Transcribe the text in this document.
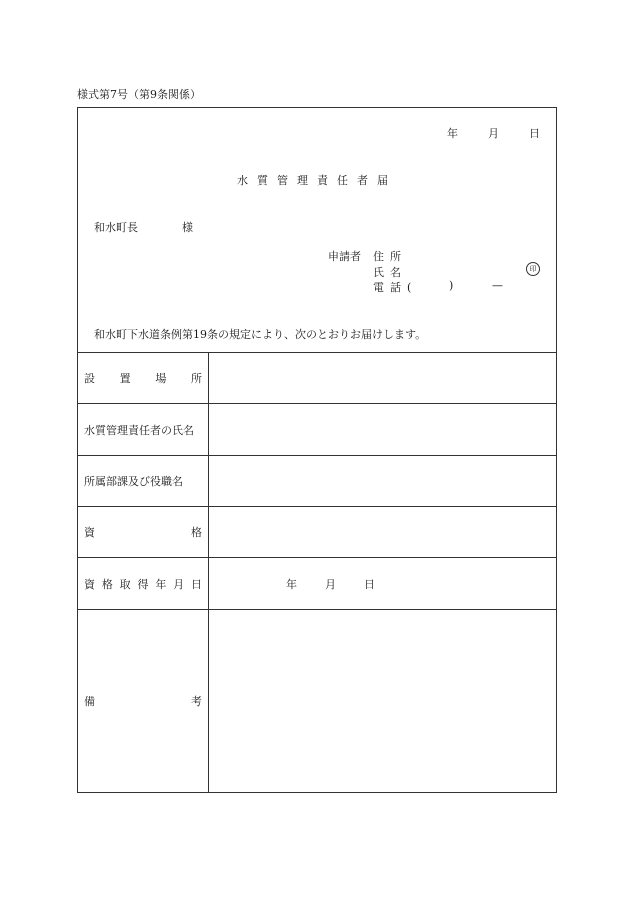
様式第7号（第9条関係）
年	月	日
水質管理責任者届
和水町長	様
申請者 住所
氏名
電話(	)	—
印
和水町下水道条例第19条の規定により、次のとおりお届けします。
設 置 場 所
水質管理責任者の氏名
所属部課及び役職名
資	格
資 格 取 得 年 月 日	年	月	日
備	考
